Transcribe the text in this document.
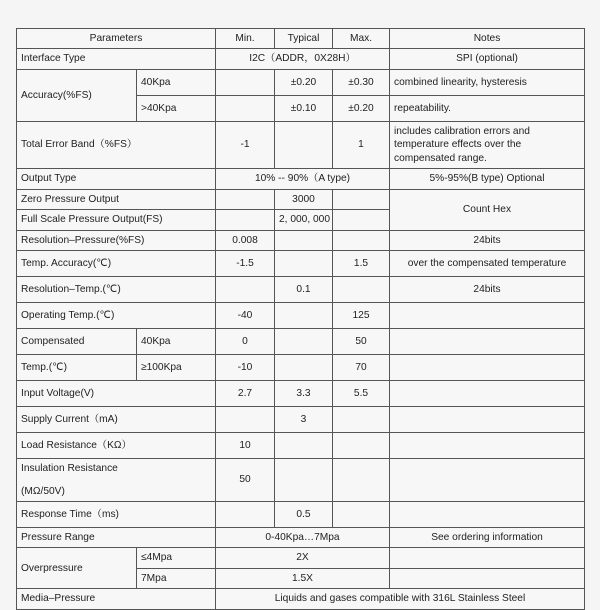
Parameters		Min.	Typical	Max.	Notes
Interface Type		I2C（ADDR，0X28H）			SPI (optional)
Accuracy(%FS)	40Kpa		±0.20	±0.30	combined linearity, hysteresis
	>40Kpa		±0.10	±0.20	repeatability.
Total Error Band（%FS）		-1		1	includes calibration errors and temperature effects over the compensated range.
Output Type		10% -- 90%（A type)			5%-95%(B type) Optional
Zero Pressure Output			3000		Count Hex
Full Scale Pressure Output(FS)			2, 000, 000		
Resolution–Pressure(%FS)		0.008			24bits
Temp. Accuracy(℃)		-1.5		1.5	over the compensated temperature
Resolution–Temp.(℃)			0.1		24bits
Operating Temp.(℃)		-40		125	
Compensated	40Kpa	0		50	
Temp.(℃)	≥100Kpa	-10		70	
Input Voltage(V)		2.7	3.3	5.5	
Supply Current（mA)			3		
Load Resistance（KΩ）		10			

Insulation Resistance
(MΩ/50V)		50			
Response Time（ms)			0.5		
Pressure Range		0-40Kpa…7Mpa			See ordering information
Overpressure	≤4Mpa	2X			
	7Mpa	1.5X			
Media–Pressure		Liquids and gases compatible with 316L Stainless Steel			
